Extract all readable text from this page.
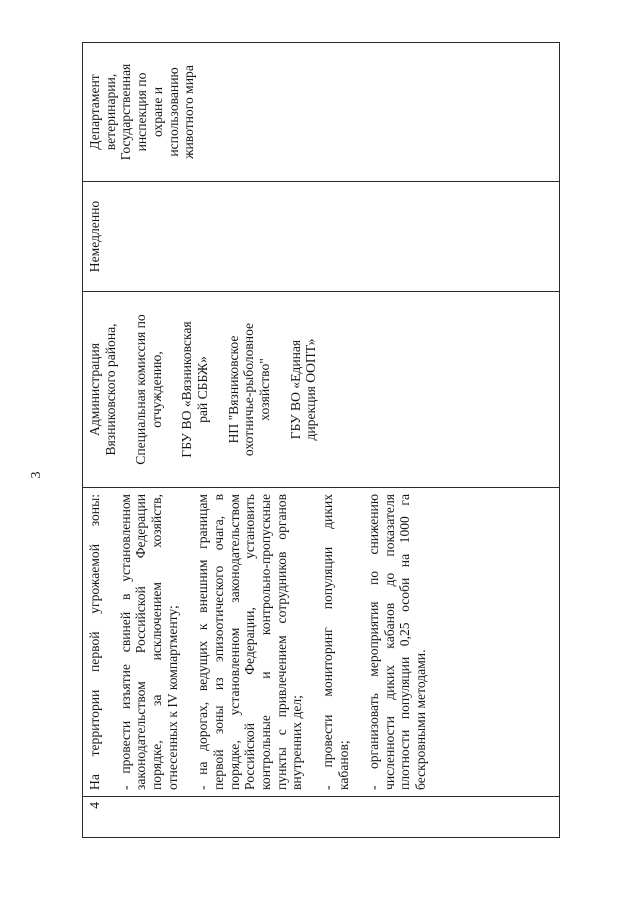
3
4
На территории первой угрожаемой зоны: - провести изъятие свиней в установленном законодательством Российской Федерации порядке, за исключением хозяйств, отнесенных к IV компартменту; - на дорогах, ведущих к внешним границам первой зоны из эпизоотического очага, в порядке, установленном законодательством Российской Федерации, установить контрольные и контрольно-пропускные пункты с привлечением сотрудников органов внутренних дел; - провести мониторинг популяции диких кабанов; - организовать мероприятия по снижению численности диких кабанов до показателя плотности популяции 0,25 особи на 1000 га бескровными методами.
Администрация Вязниковского района, Специальная комиссия по отчуждению, ГБУ ВО «Вязниковская рай СББЖ» НП "Вязниковское охотничье-рыболовное хозяйство" ГБУ ВО «Единая дирекция ООПТ»
Немедленно
Департамент ветеринарии, Государственная инспекция по охране и использованию животного мира
